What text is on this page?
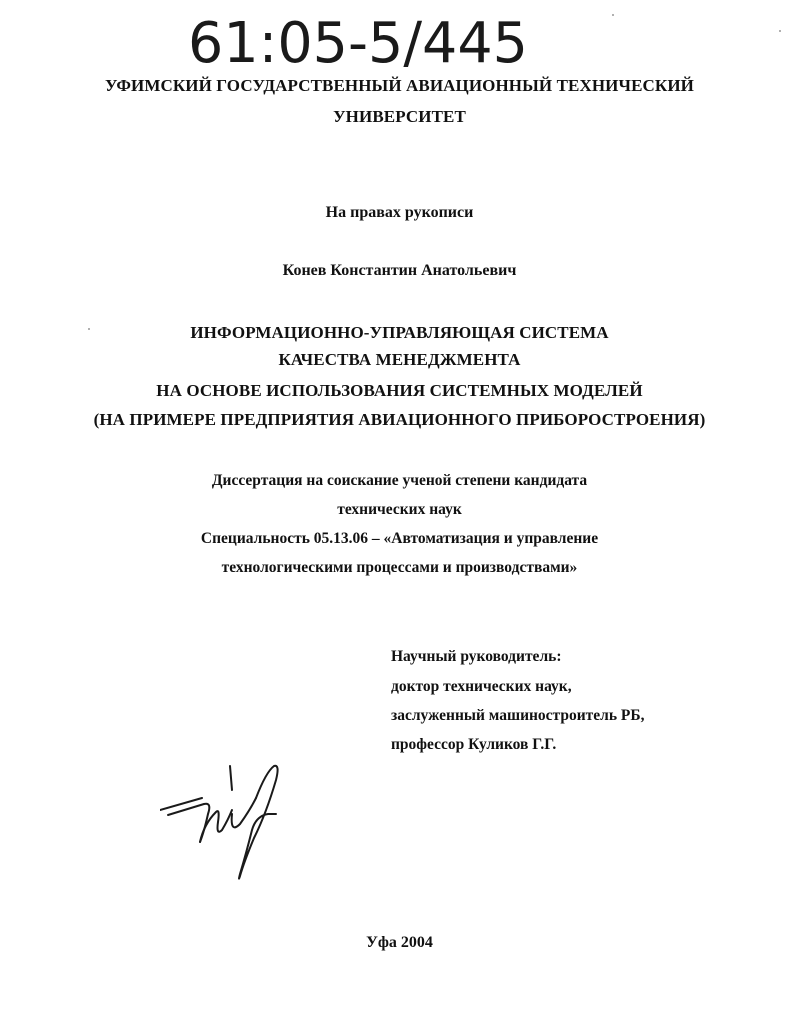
61:05-5/445
УФИМСКИЙ ГОСУДАРСТВЕННЫЙ АВИАЦИОННЫЙ ТЕХНИЧЕСКИЙ
УНИВЕРСИТЕТ
На правах рукописи
Конев Константин Анатольевич
ИНФОРМАЦИОННО-УПРАВЛЯЮЩАЯ СИСТЕМА
КАЧЕСТВА МЕНЕДЖМЕНТА
НА ОСНОВЕ ИСПОЛЬЗОВАНИЯ СИСТЕМНЫХ МОДЕЛЕЙ
(НА ПРИМЕРЕ ПРЕДПРИЯТИЯ АВИАЦИОННОГО ПРИБОРОСТРОЕНИЯ)
Диссертация на соискание ученой степени кандидата
технических наук
Специальность 05.13.06 – «Автоматизация и управление
технологическими процессами и производствами»
Научный руководитель:
доктор технических наук,
заслуженный машиностроитель РБ,
профессор Куликов Г.Г.
Уфа 2004
